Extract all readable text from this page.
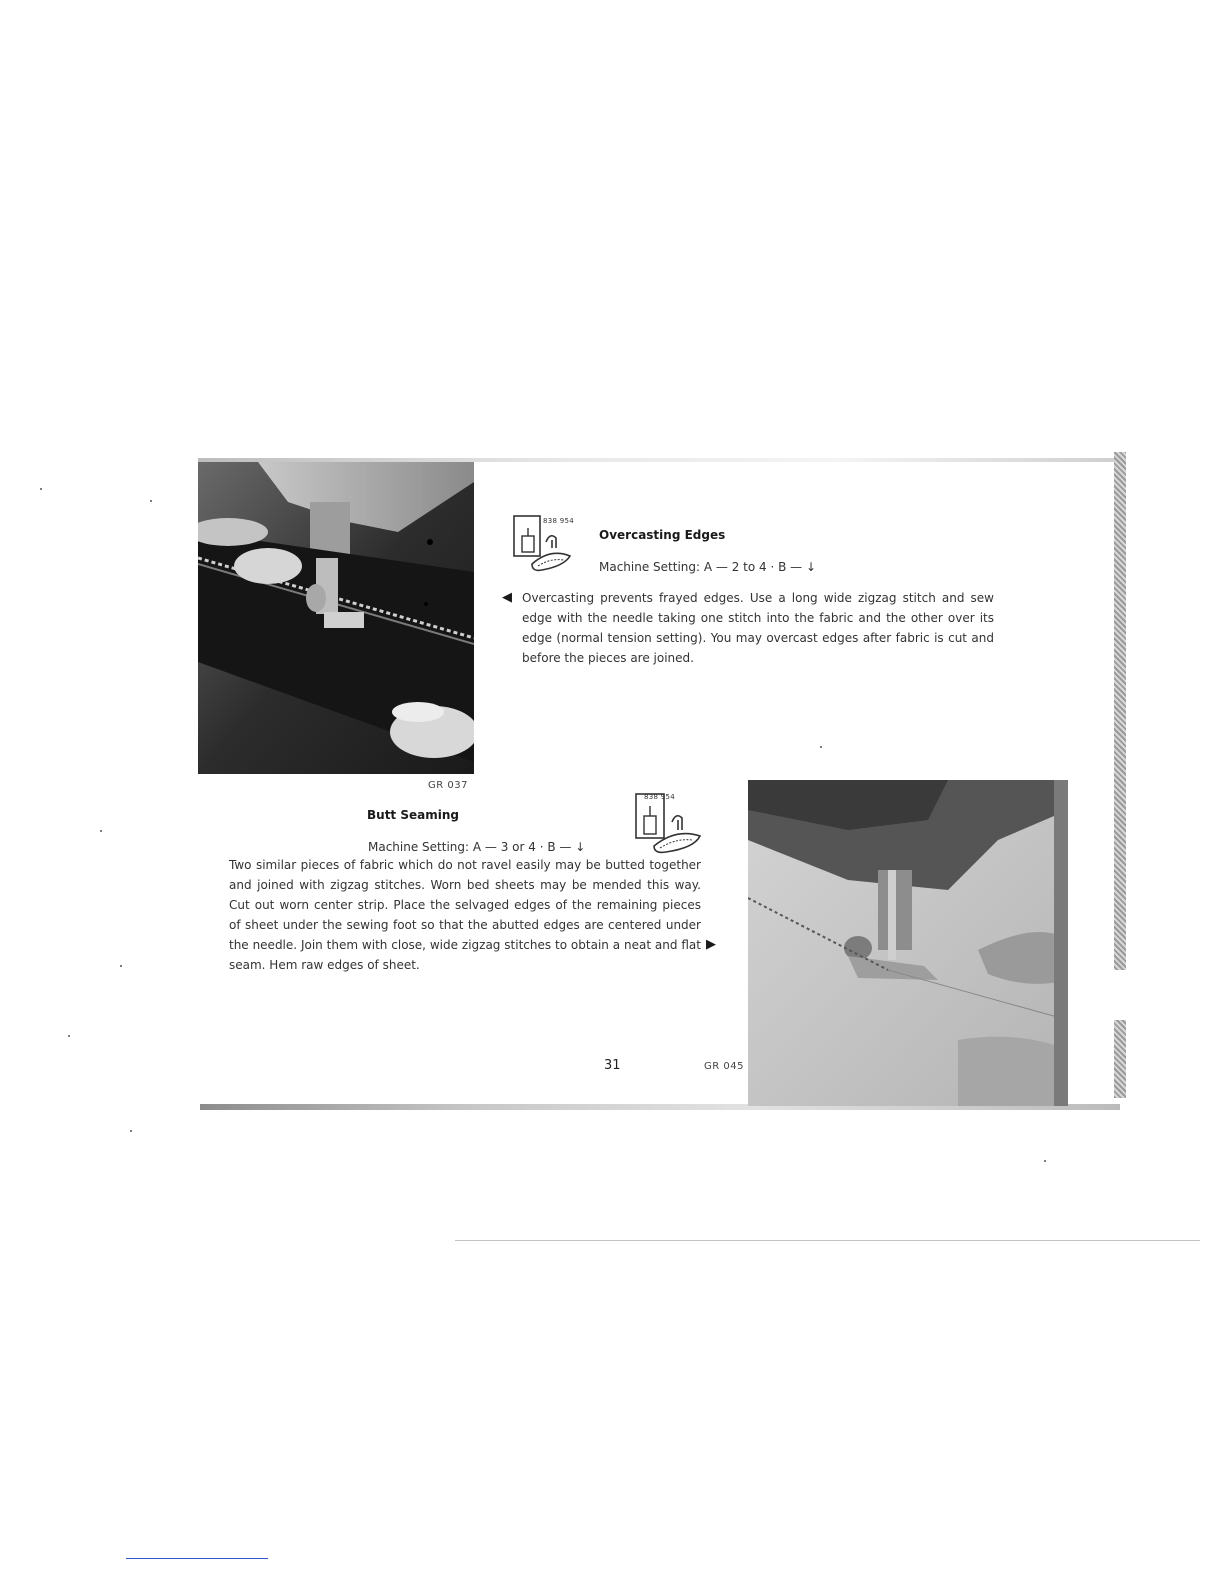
GR 037
838 954
Overcasting Edges
Machine Setting: A — 2 to 4 · B — ↓
◀ Overcasting prevents frayed edges. Use a long wide zigzag stitch and sew edge with the needle taking one stitch into the fabric and the other over its edge (normal tension setting). You may overcast edges after fabric is cut and before the pieces are joined.
Butt Seaming
838 954
Machine Setting: A — 3 or 4 · B — ↓
Two similar pieces of fabric which do not ravel easily may be butted together and joined with zigzag stitches. Worn bed sheets may be mended this way. Cut out worn center strip. Place the selvaged edges of the remaining pieces of sheet under the sewing foot so that the abutted edges are centered under the needle. Join them with close, wide zigzag stitches to obtain a neat and flat seam. Hem raw edges of sheet.
▶
GR 045
31
